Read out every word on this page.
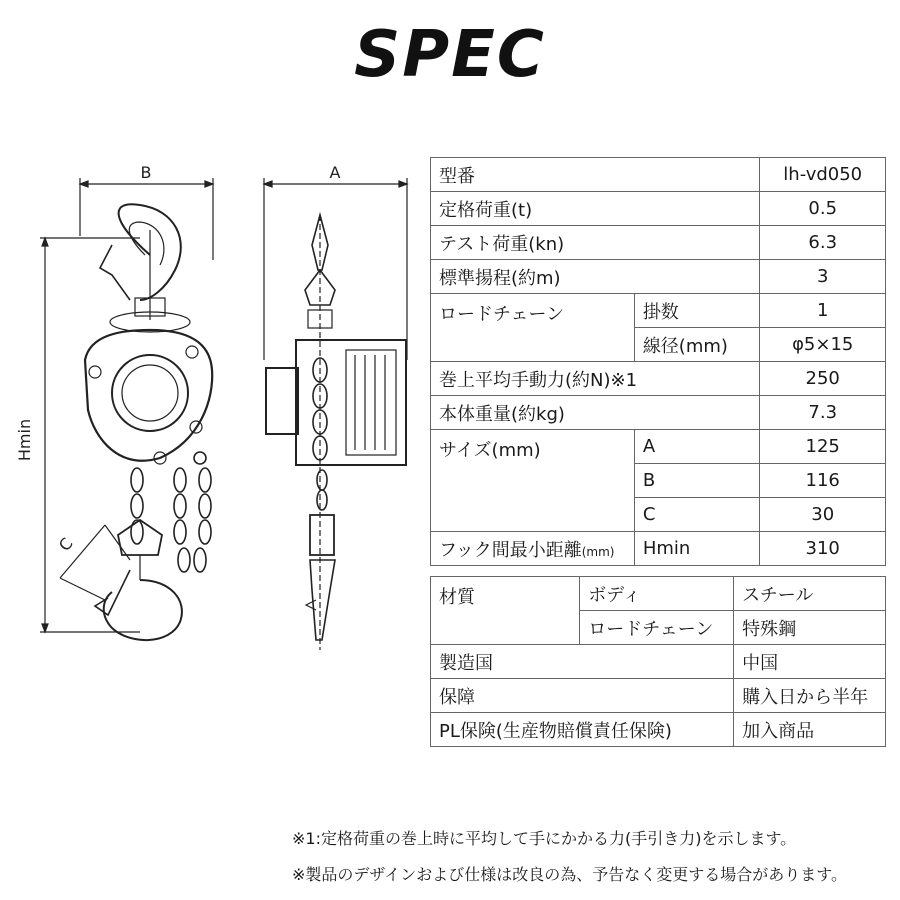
SPEC
B	A
Hmin
C
型番		lh-vd050
定格荷重(t)		0.5
テスト荷重(kn)		6.3
標準揚程(約m)		3
ロードチェーン	掛数	1
	線径(mm)	φ5×15
巻上平均手動力(約N)※1		250
本体重量(約kg)		7.3
サイズ(mm)	A	125
	B	116
	C	30
フック間最小距離(mm)	Hmin	310
材質	ボディ	スチール
	ロードチェーン	特殊鋼
製造国		中国
保障		購入日から半年
PL保険(生産物賠償責任保険)		加入商品
※1:定格荷重の巻上時に平均して手にかかる力(手引き力)を示します。
※製品のデザインおよび仕様は改良の為、予告なく変更する場合があります。
